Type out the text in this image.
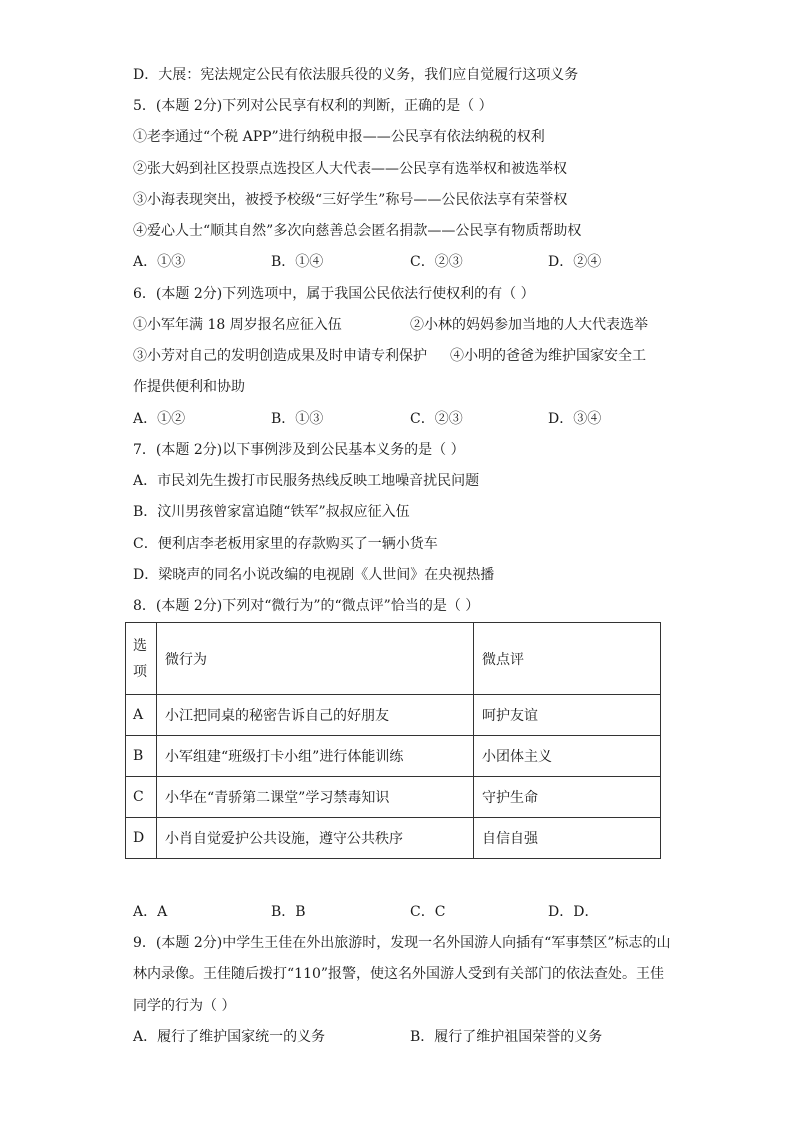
D．大展：宪法规定公民有依法服兵役的义务，我们应自觉履行这项义务
5．(本题 2分)下列对公民享有权利的判断，正确的是（ ）
①老李通过“个税 APP”进行纳税申报——公民享有依法纳税的权利
②张大妈到社区投票点选投区人大代表——公民享有选举权和被选举权
③小海表现突出，被授予校级“三好学生”称号——公民依法享有荣誉权
④爱心人士“顺其自然”多次向慈善总会匿名捐款——公民享有物质帮助权
A．①③	B．①④	C．②③	D．②④
6．(本题 2分)下列选项中，属于我国公民依法行使权利的有（ ）
①小军年满 18 周岁报名应征入伍	②小林的妈妈参加当地的人大代表选举
③小芳对自己的发明创造成果及时申请专利保护 ④小明的爸爸为维护国家安全工
作提供便利和协助
A．①②	B．①③	C．②③	D．③④
7．(本题 2分)以下事例涉及到公民基本义务的是（ ）
A．市民刘先生拨打市民服务热线反映工地噪音扰民问题
B．汶川男孩曾家富追随“铁军”叔叔应征入伍
C．便利店李老板用家里的存款购买了一辆小货车
D．梁晓声的同名小说改编的电视剧《人世间》在央视热播
8．(本题 2分)下列对“微行为”的“微点评”恰当的是（ ）
选
项	微行为	微点评
A	小江把同桌的秘密告诉自己的好朋友	呵护友谊
B	小军组建“班级打卡小组”进行体能训练	小团体主义
C	小华在“青骄第二课堂”学习禁毒知识	守护生命
D	小肖自觉爱护公共设施，遵守公共秩序	自信自强
A．A	B．B	C．C	D．D．
9．(本题 2分)中学生王佳在外出旅游时，发现一名外国游人向插有“军事禁区”标志的山
林内录像。王佳随后拨打“110”报警，使这名外国游人受到有关部门的依法查处。王佳
同学的行为（ ）
A．履行了维护国家统一的义务	B．履行了维护祖国荣誉的义务
